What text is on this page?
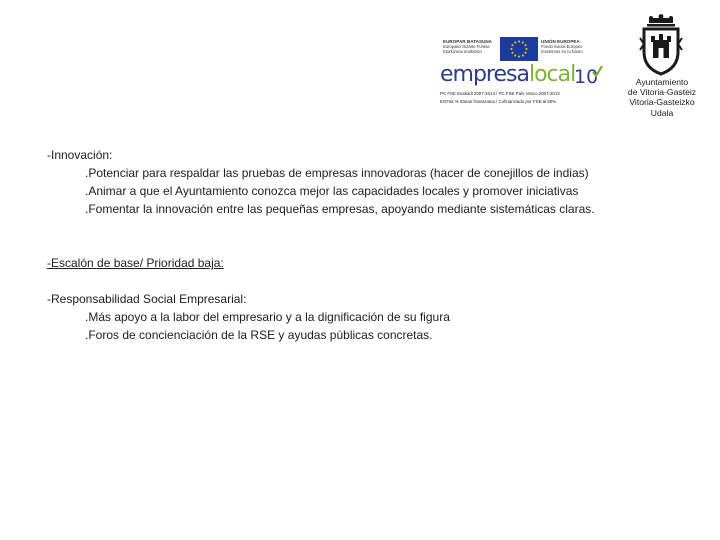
EUROPAR BATASUNA
Europako Gizarte Funtsa
Etorkizuna eraikitzen
UNIÓN EUROPEA
Fondo Social Europeo
Invertimos en tu futuro
empresalocal
10
PC FSE Euskadi 2007-2013 / PC FSE País Vasco 2007-2013
EGFak % 50ean finantzatua / Cofinanciado por FSE al 50%
Ayuntamiento
de Vitoria-Gasteiz
Vitoria-Gasteizko
Udala

-Innovación:

.Potenciar para respaldar las pruebas de empresas innovadoras (hacer de conejillos de indias)

.Animar a que el Ayuntamiento conozca mejor las capacidades locales y promover iniciativas

.Fomentar la innovación entre las pequeñas empresas, apoyando mediante sistemáticas claras.

-Escalón de base/ Prioridad baja:

-Responsabilidad Social Empresarial:

.Más apoyo a la labor del empresario y a la dignificación de su figura

.Foros de concienciación de la RSE y ayudas públicas concretas.
